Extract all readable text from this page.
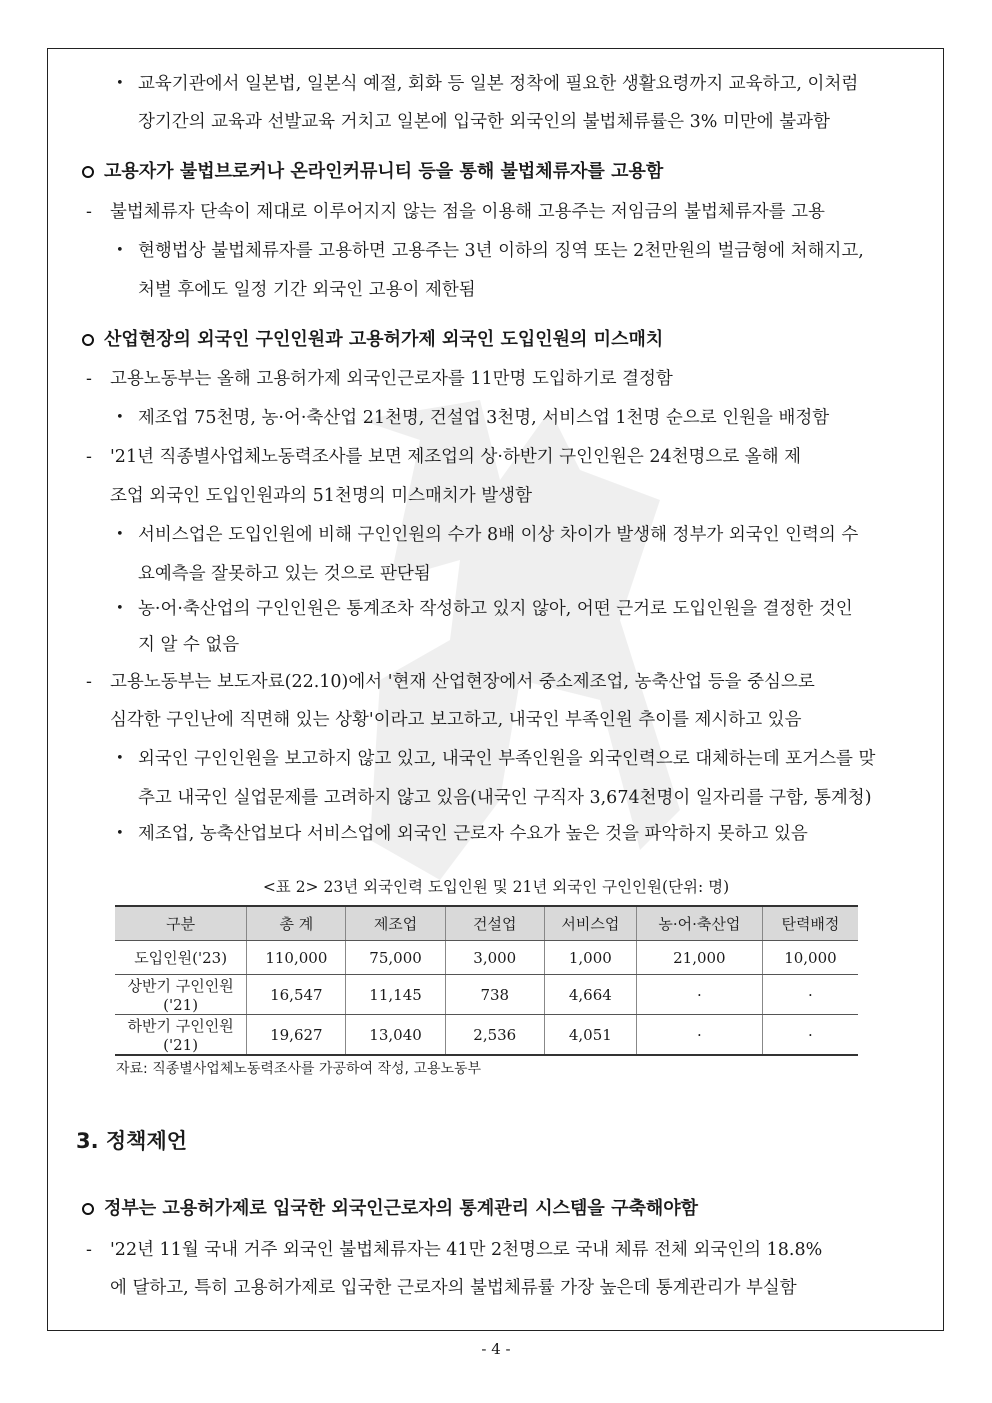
• 교육기관에서 일본법, 일본식 예절, 회화 등 일본 정착에 필요한 생활요령까지 교육하고, 이처럼
장기간의 교육과 선발교육 거치고 일본에 입국한 외국인의 불법체류률은 3% 미만에 불과함
고용자가 불법브로커나 온라인커뮤니티 등을 통해 불법체류자를 고용함
- 불법체류자 단속이 제대로 이루어지지 않는 점을 이용해 고용주는 저임금의 불법체류자를 고용
• 현행법상 불법체류자를 고용하면 고용주는 3년 이하의 징역 또는 2천만원의 벌금형에 처해지고,
처벌 후에도 일정 기간 외국인 고용이 제한됨
산업현장의 외국인 구인인원과 고용허가제 외국인 도입인원의 미스매치
- 고용노동부는 올해 고용허가제 외국인근로자를 11만명 도입하기로 결정함
• 제조업 75천명, 농·어·축산업 21천명, 건설업 3천명, 서비스업 1천명 순으로 인원을 배정함
- '21년 직종별사업체노동력조사를 보면 제조업의 상·하반기 구인인원은 24천명으로 올해 제
조업 외국인 도입인원과의 51천명의 미스매치가 발생함
• 서비스업은 도입인원에 비해 구인인원의 수가 8배 이상 차이가 발생해 정부가 외국인 인력의 수
요예측을 잘못하고 있는 것으로 판단됨
• 농·어·축산업의 구인인원은 통계조차 작성하고 있지 않아, 어떤 근거로 도입인원을 결정한 것인
지 알 수 없음
- 고용노동부는 보도자료(22.10)에서 '현재 산업현장에서 중소제조업, 농축산업 등을 중심으로
심각한 구인난에 직면해 있는 상황'이라고 보고하고, 내국인 부족인원 추이를 제시하고 있음
• 외국인 구인인원을 보고하지 않고 있고, 내국인 부족인원을 외국인력으로 대체하는데 포거스를 맞
추고 내국인 실업문제를 고려하지 않고 있음(내국인 구직자 3,674천명이 일자리를 구함, 통계청)
• 제조업, 농축산업보다 서비스업에 외국인 근로자 수요가 높은 것을 파악하지 못하고 있음
<표 2> 23년 외국인력 도입인원 및 21년 외국인 구인인원(단위: 명)
구분	총 계	제조업	건설업	서비스업	농·어·축산업	탄력배정
도입인원('23)	110,000	75,000	3,000	1,000	21,000	10,000
상반기 구인인원('21)	16,547	11,145	738	4,664	·	·
하반기 구인인원('21)	19,627	13,040	2,536	4,051	·	·
자료: 직종별사업체노동력조사를 가공하여 작성, 고용노동부
3. 정책제언
정부는 고용허가제로 입국한 외국인근로자의 통계관리 시스템을 구축해야함
- '22년 11월 국내 거주 외국인 불법체류자는 41만 2천명으로 국내 체류 전체 외국인의 18.8%
에 달하고, 특히 고용허가제로 입국한 근로자의 불법체류률 가장 높은데 통계관리가 부실함
- 4 -
